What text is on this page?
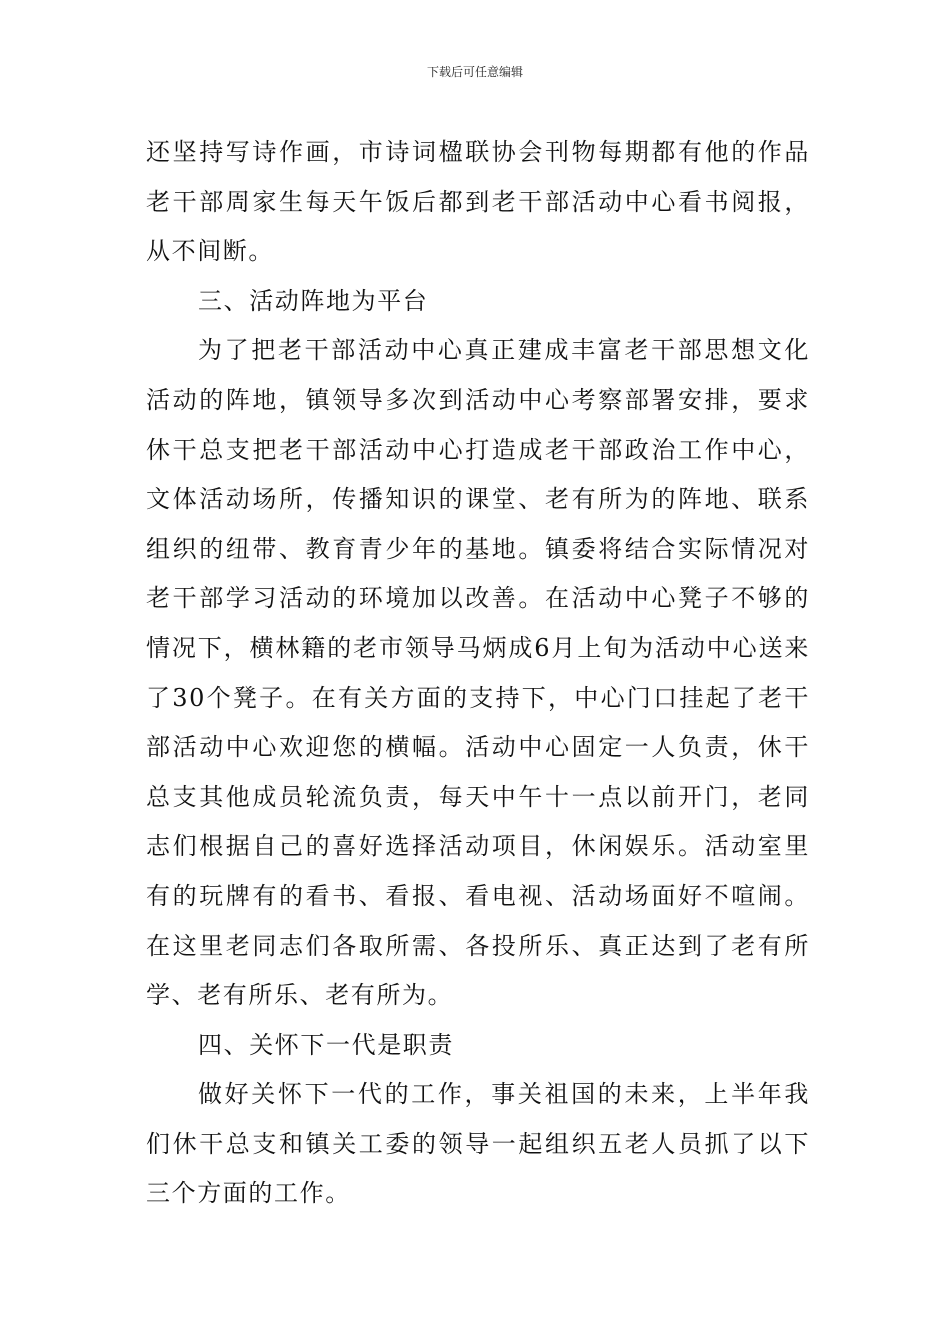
下载后可任意编辑

还坚持写诗作画，市诗词楹联协会刊物每期都有他的作品老干部周家生每天午饭后都到老干部活动中心看书阅报，从不间断。

三、活动阵地为平台

为了把老干部活动中心真正建成丰富老干部思想文化活动的阵地，镇领导多次到活动中心考察部署安排，要求休干总支把老干部活动中心打造成老干部政治工作中心，文体活动场所，传播知识的课堂、老有所为的阵地、联系组织的纽带、教育青少年的基地。镇委将结合实际情况对老干部学习活动的环境加以改善。在活动中心凳子不够的情况下，横林籍的老市领导马炳成6月上旬为活动中心送来了30个凳子。在有关方面的支持下，中心门口挂起了老干部活动中心欢迎您的横幅。活动中心固定一人负责，休干总支其他成员轮流负责，每天中午十一点以前开门，老同志们根据自己的喜好选择活动项目，休闲娱乐。活动室里有的玩牌有的看书、看报、看电视、活动场面好不喧闹。在这里老同志们各取所需、各投所乐、真正达到了老有所学、老有所乐、老有所为。

四、关怀下一代是职责

做好关怀下一代的工作，事关祖国的未来，上半年我们休干总支和镇关工委的领导一起组织五老人员抓了以下三个方面的工作。
